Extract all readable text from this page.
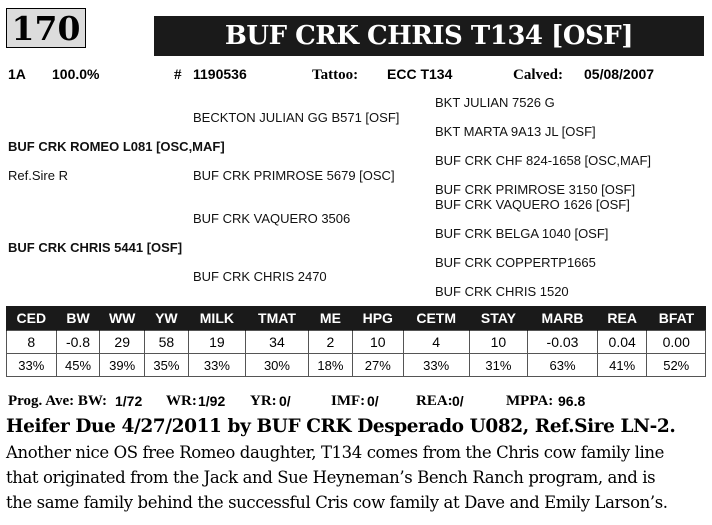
170	BUF CRK CHRIS T134 [OSF]
1A 100.0%	# 1190536	Tattoo: ECC T134	Calved: 05/08/2007
BKT JULIAN 7526 G
BECKTON JULIAN GG B571 [OSF]
BKT MARTA 9A13 JL [OSF]
BUF CRK ROMEO L081 [OSC,MAF]
BUF CRK CHF 824-1658 [OSC,MAF]
Ref.Sire R	BUF CRK PRIMROSE 5679 [OSC]
BUF CRK PRIMROSE 3150 [OSF]
BUF CRK VAQUERO 1626 [OSF]
BUF CRK VAQUERO 3506
BUF CRK BELGA 1040 [OSF]
BUF CRK CHRIS 5441 [OSF]
BUF CRK COPPERTP1665
BUF CRK CHRIS 2470
BUF CRK CHRIS 1520
CED	BW	WW	YW	MILK	TMAT	ME	HPG	CETM	STAY	MARB	REA	BFAT
8	-0.8	29	58	19	34	2	10	4	10	-0.03	0.04	0.00
33%	45%	39%	35%	33%	30%	18%	27%	33%	31%	63%	41%	52%
Prog. Ave: BW: 1/72 WR: 1/92 YR: 0/	IMF: 0/ REA: 0/	MPPA: 96.8
Heifer Due 4/27/2011 by BUF CRK Desperado U082, Ref.Sire LN-2.
Another nice OS free Romeo daughter, T134 comes from the Chris cow family line
that originated from the Jack and Sue Heyneman’s Bench Ranch program, and is
the same family behind the successful Cris cow family at Dave and Emily Larson’s.
